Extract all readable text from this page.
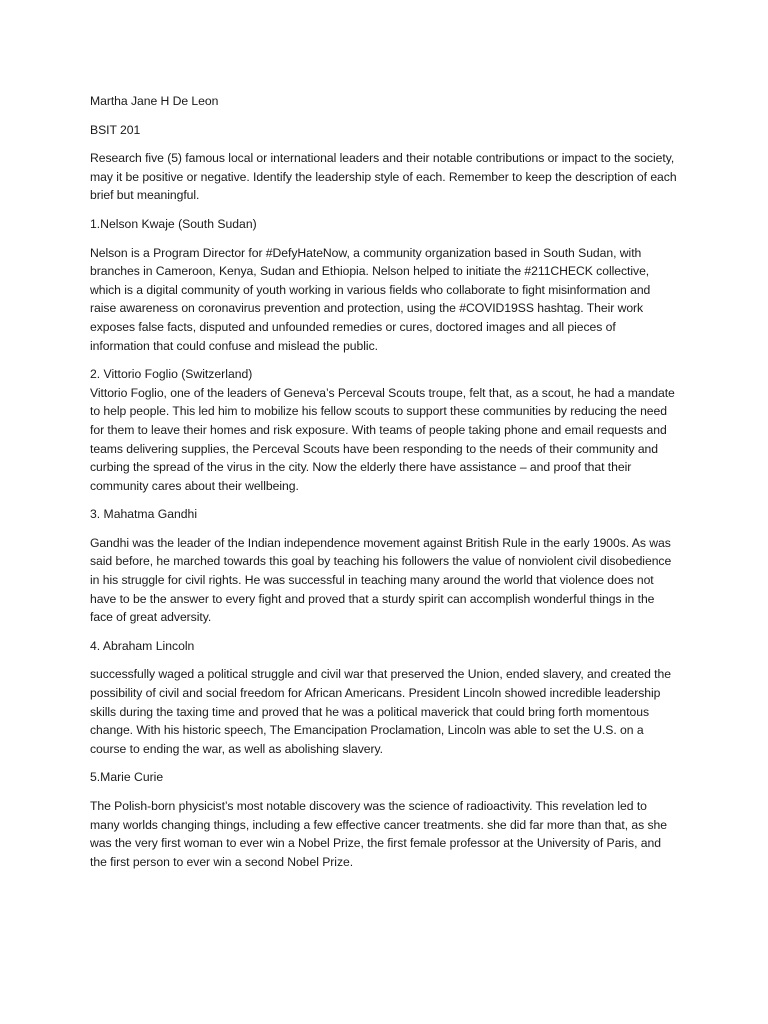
Martha Jane H De Leon

BSIT 201

Research five (5) famous local or international leaders and their notable contributions or impact to the society, may it be positive or negative. Identify the leadership style of each. Remember to keep the description of each brief but meaningful.

1.Nelson Kwaje (South Sudan)

Nelson is a Program Director for #DefyHateNow, a community organization based in South Sudan, with branches in Cameroon, Kenya, Sudan and Ethiopia. Nelson helped to initiate the #211CHECK collective, which is a digital community of youth working in various fields who collaborate to fight misinformation and raise awareness on coronavirus prevention and protection, using the #COVID19SS hashtag. Their work exposes false facts, disputed and unfounded remedies or cures, doctored images and all pieces of information that could confuse and mislead the public.

2. Vittorio Foglio (Switzerland)

Vittorio Foglio, one of the leaders of Geneva’s Perceval Scouts troupe, felt that, as a scout, he had a mandate to help people. This led him to mobilize his fellow scouts to support these communities by reducing the need for them to leave their homes and risk exposure. With teams of people taking phone and email requests and teams delivering supplies, the Perceval Scouts have been responding to the needs of their community and curbing the spread of the virus in the city. Now the elderly there have assistance – and proof that their community cares about their wellbeing.

3. Mahatma Gandhi

Gandhi was the leader of the Indian independence movement against British Rule in the early 1900s. As was said before, he marched towards this goal by teaching his followers the value of nonviolent civil disobedience in his struggle for civil rights. He was successful in teaching many around the world that violence does not have to be the answer to every fight and proved that a sturdy spirit can accomplish wonderful things in the face of great adversity.

4. Abraham Lincoln

successfully waged a political struggle and civil war that preserved the Union, ended slavery, and created the possibility of civil and social freedom for African Americans. President Lincoln showed incredible leadership skills during the taxing time and proved that he was a political maverick that could bring forth momentous change. With his historic speech, The Emancipation Proclamation, Lincoln was able to set the U.S. on a course to ending the war, as well as abolishing slavery.

5.Marie Curie

The Polish-born physicist’s most notable discovery was the science of radioactivity. This revelation led to many worlds changing things, including a few effective cancer treatments. she did far more than that, as she was the very first woman to ever win a Nobel Prize, the first female professor at the University of Paris, and the first person to ever win a second Nobel Prize.
